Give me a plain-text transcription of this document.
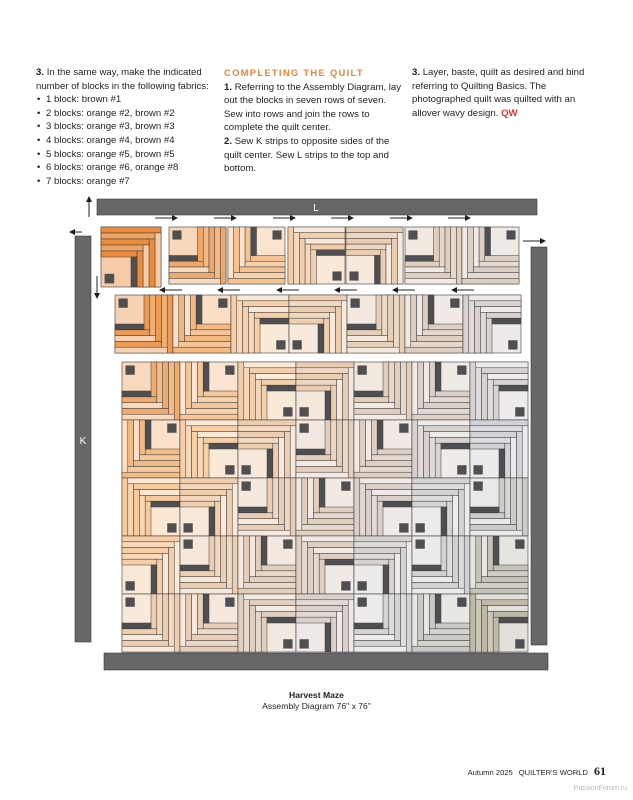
3. In the same way, make the indicated number of blocks in the following fabrics:

• 1 block: brown #1
• 2 blocks: orange #2, brown #2
• 3 blocks: orange #3, brown #3
• 4 blocks: orange #4, brown #4
• 5 blocks: orange #5, brown #5
• 6 blocks: orange #6, orange #8
• 7 blocks: orange #7
COMPLETING THE QUILT

1. Referring to the Assembly Diagram, lay out the blocks in seven rows of seven. Sew into rows and join the rows to complete the quilt center.

2. Sew K strips to opposite sides of the quilt center. Sew L strips to the top and bottom.

3. Layer, baste, quilt as desired and bind referring to Quilting Basics. The photographed quilt was quilted with an allover wavy design. QW

L
K
Harvest Maze
Assembly Diagram 76" x 76"
Autumn 2025 QUILTER'S WORLD 61
PassionForum.ru
